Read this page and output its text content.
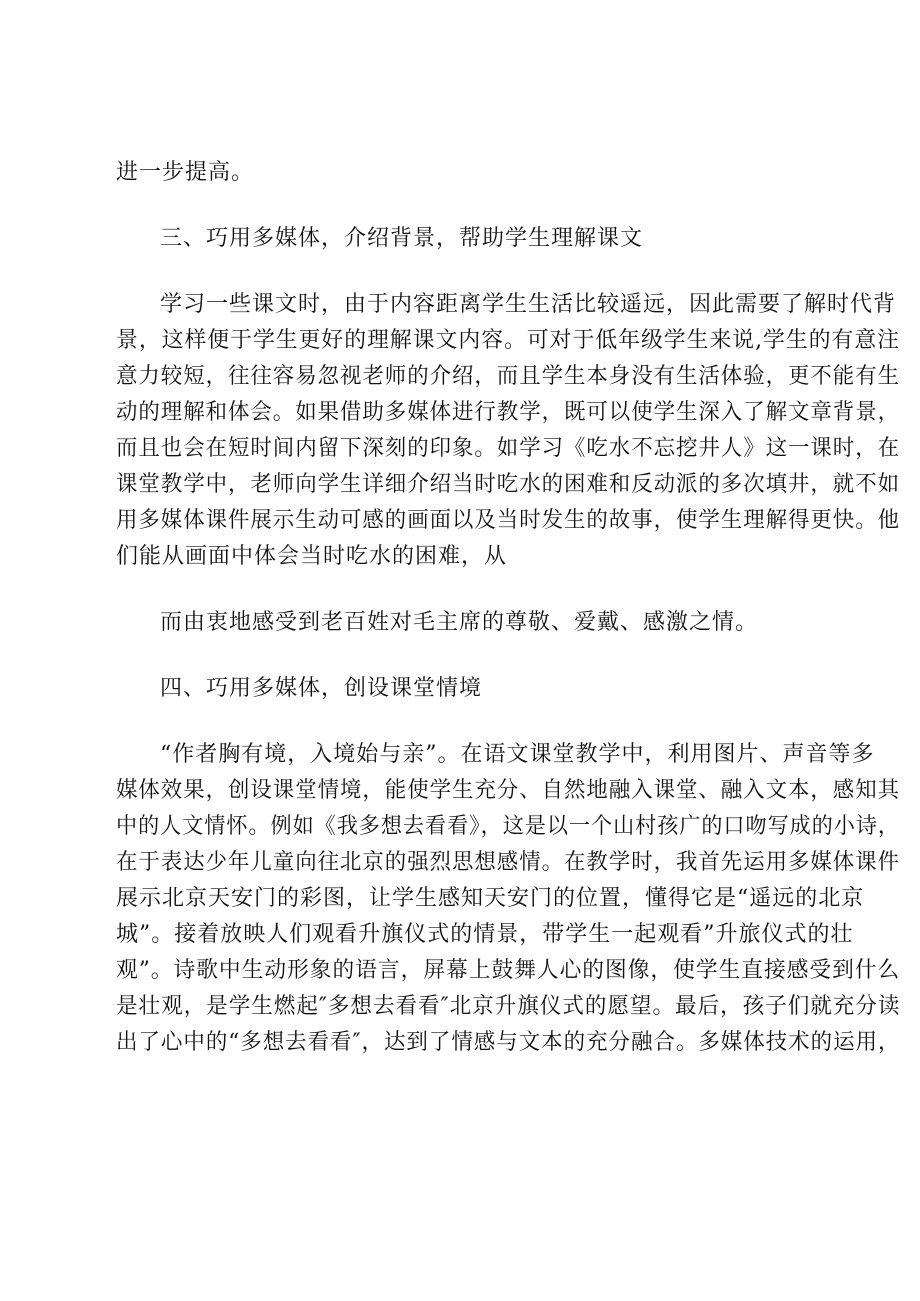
进一步提高。
三、巧用多媒体，介绍背景，帮助学生理解课文
学习一些课文时，由于内容距离学生生活比较遥远，因此需要了解时代背
景，这样便于学生更好的理解课文内容。可对于低年级学生来说,学生的有意注
意力较短，往往容易忽视老师的介绍，而且学生本身没有生活体验，更不能有生
动的理解和体会。如果借助多媒体进行教学，既可以使学生深入了解文章背景，
而且也会在短时间内留下深刻的印象。如学习《吃水不忘挖井人》这一课时，在
课堂教学中，老师向学生详细介绍当时吃水的困难和反动派的多次填井，就不如
用多媒体课件展示生动可感的画面以及当时发生的故事，使学生理解得更快。他
们能从画面中体会当时吃水的困难，从
而由衷地感受到老百姓对毛主席的尊敬、爱戴、感激之情。
四、巧用多媒体，创设课堂情境
“作者胸有境，入境始与亲”。在语文课堂教学中，利用图片、声音等多
媒体效果，创设课堂情境，能使学生充分、自然地融入课堂、融入文本，感知其
中的人文情怀。例如《我多想去看看》，这是以一个山村孩广的口吻写成的小诗，
在于表达少年儿童向往北京的强烈思想感情。在教学时，我首先运用多媒体课件
展示北京天安门的彩图，让学生感知天安门的位置，懂得它是“遥远的北京
城”。接着放映人们观看升旗仪式的情景，带学生一起观看”升旅仪式的壮
观”。诗歌中生动形象的语言，屏幕上鼓舞人心的图像，使学生直接感受到什么
是壮观，是学生燃起″多想去看看″北京升旗仪式的愿望。最后，孩子们就充分读
出了心中的“多想去看看″，达到了情感与文本的充分融合。多媒体技术的运用，
